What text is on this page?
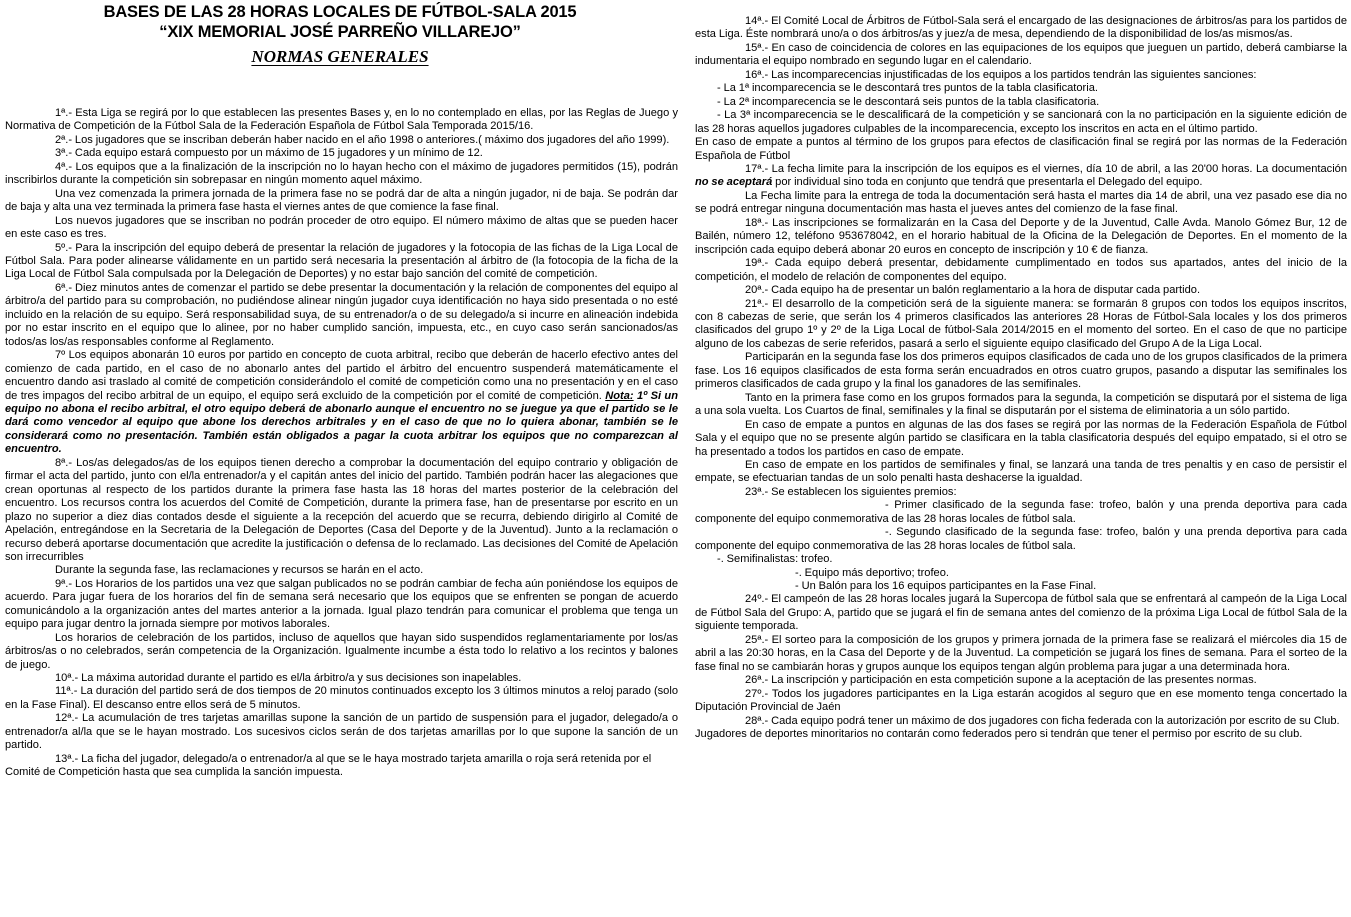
BASES DE LAS 28 HORAS LOCALES DE FÚTBOL-SALA 2015
“XIX MEMORIAL JOSÉ PARREÑO VILLAREJO”
NORMAS GENERALES

1ª.- Esta Liga se regirá por lo que establecen las presentes Bases y, en lo no contemplado en ellas, por las Reglas de Juego y Normativa de Competición de la Fútbol Sala de la Federación Española de Fútbol Sala Temporada 2015/16.

2ª.- Los jugadores que se inscriban deberán haber nacido en el año 1998 o anteriores.( máximo dos jugadores del año 1999).

3ª.- Cada equipo estará compuesto por un máximo de 15 jugadores y un mínimo de 12.

4ª.- Los equipos que a la finalización de la inscripción no lo hayan hecho con el máximo de jugadores permitidos (15), podrán inscribirlos durante la competición sin sobrepasar en ningún momento aquel máximo.

Una vez comenzada la primera jornada de la primera fase no se podrá dar de alta a ningún jugador, ni de baja. Se podrán dar de baja y alta una vez terminada la primera fase hasta el viernes antes de que comience la fase final.

Los nuevos jugadores que se inscriban no podrán proceder de otro equipo. El número máximo de altas que se pueden hacer en este caso es tres.

5º.- Para la inscripción del equipo deberá de presentar la relación de jugadores y la fotocopia de las fichas de la Liga Local de Fútbol Sala. Para poder alinearse válidamente en un partido será necesaria la presentación al árbitro de (la fotocopia de la ficha de la Liga Local de Fútbol Sala compulsada por la Delegación de Deportes) y no estar bajo sanción del comité de competición.

6ª.- Diez minutos antes de comenzar el partido se debe presentar la documentación y la relación de componentes del equipo al árbitro/a del partido para su comprobación, no pudiéndose alinear ningún jugador cuya identificación no haya sido presentada o no esté incluido en la relación de su equipo. Será responsabilidad suya, de su entrenador/a o de su delegado/a si incurre en alineación indebida por no estar inscrito en el equipo que lo alinee, por no haber cumplido sanción, impuesta, etc., en cuyo caso serán sancionados/as todos/as los/as responsables conforme al Reglamento.

7º Los equipos abonarán 10 euros por partido en concepto de cuota arbitral, recibo que deberán de hacerlo efectivo antes del comienzo de cada partido, en el caso de no abonarlo antes del partido el árbitro del encuentro suspenderá matemáticamente el encuentro dando asi traslado al comité de competición considerándolo el comité de competición como una no presentación y en el caso de tres impagos del recibo arbitral de un equipo, el equipo será excluido de la competición por el comité de competición. Nota: 1º Si un equipo no abona el recibo arbitral, el otro equipo deberá de abonarlo aunque el encuentro no se juegue ya que el partido se le dará como vencedor al equipo que abone los derechos arbitrales y en el caso de que no lo quiera abonar, también se le considerará como no presentación. También están obligados a pagar la cuota arbitrar los equipos que no comparezcan al encuentro.

8ª.- Los/as delegados/as de los equipos tienen derecho a comprobar la documentación del equipo contrario y obligación de firmar el acta del partido, junto con el/la entrenador/a y el capitán antes del inicio del partido. También podrán hacer las alegaciones que crean oportunas al respecto de los partidos durante la primera fase hasta las 18 horas del martes posterior de la celebración del encuentro. Los recursos contra los acuerdos del Comité de Competición, durante la primera fase, han de presentarse por escrito en un plazo no superior a diez dias contados desde el siguiente a la recepción del acuerdo que se recurra, debiendo dirigirlo al Comité de Apelación, entregándose en la Secretaria de la Delegación de Deportes (Casa del Deporte y de la Juventud). Junto a la reclamación o recurso deberá aportarse documentación que acredite la justificación o defensa de lo reclamado. Las decisiones del Comité de Apelación son irrecurribles

Durante la segunda fase, las reclamaciones y recursos se harán en el acto.

9ª.- Los Horarios de los partidos una vez que salgan publicados no se podrán cambiar de fecha aún poniéndose los equipos de acuerdo. Para jugar fuera de los horarios del fin de semana será necesario que los equipos que se enfrenten se pongan de acuerdo comunicándolo a la organización antes del martes anterior a la jornada. Igual plazo tendrán para comunicar el problema que tenga un equipo para jugar dentro la jornada siempre por motivos laborales.

Los horarios de celebración de los partidos, incluso de aquellos que hayan sido suspendidos reglamentariamente por los/as árbitros/as o no celebrados, serán competencia de la Organización. Igualmente incumbe a ésta todo lo relativo a los recintos y balones de juego.

10ª.- La máxima autoridad durante el partido es el/la árbitro/a y sus decisiones son inapelables.

11ª.- La duración del partido será de dos tiempos de 20 minutos continuados excepto los 3 últimos minutos a reloj parado (solo en la Fase Final). El descanso entre ellos será de 5 minutos.

12ª.- La acumulación de tres tarjetas amarillas supone la sanción de un partido de suspensión para el jugador, delegado/a o entrenador/a al/la que se le hayan mostrado. Los sucesivos ciclos serán de dos tarjetas amarillas por lo que supone la sanción de un partido.

13ª.- La ficha del jugador, delegado/a o entrenador/a al que se le haya mostrado tarjeta amarilla o roja será retenida por el Comité de Competición hasta que sea cumplida la sanción impuesta.

14ª.- El Comité Local de Árbitros de Fútbol-Sala será el encargado de las designaciones de árbitros/as para los partidos de esta Liga. Éste nombrará uno/a o dos árbitros/as y juez/a de mesa, dependiendo de la disponibilidad de los/as mismos/as.

15ª.- En caso de coincidencia de colores en las equipaciones de los equipos que jueguen un partido, deberá cambiarse la indumentaria el equipo nombrado en segundo lugar en el calendario.

16ª.- Las incomparecencias injustificadas de los equipos a los partidos tendrán las siguientes sanciones:

- La 1ª incomparecencia se le descontará tres puntos de la tabla clasificatoria.

- La 2ª incomparecencia se le descontará seis puntos de la tabla clasificatoria.

- La 3ª incomparecencia se le descalificará de la competición y se sancionará con la no participación en la siguiente edición de las 28 horas aquellos jugadores culpables de la incomparecencia, excepto los inscritos en acta en el último partido.

En caso de empate a puntos al término de los grupos para efectos de clasificación final se regirá por las normas de la Federación Española de Fútbol

17ª.- La fecha limite para la inscripción de los equipos es el viernes, día 10 de abril, a las 20'00 horas. La documentación no se aceptará por individual sino toda en conjunto que tendrá que presentarla el Delegado del equipo.

La Fecha limite para la entrega de toda la documentación será hasta el martes dia 14 de abril, una vez pasado ese dia no se podrá entregar ninguna documentación mas hasta el jueves antes del comienzo de la fase final.

18ª.- Las inscripciones se formalizarán en la Casa del Deporte y de la Juventud, Calle Avda. Manolo Gómez Bur, 12 de Bailén, número 12, teléfono 953678042, en el horario habitual de la Oficina de la Delegación de Deportes. En el momento de la inscripción cada equipo deberá abonar 20 euros en concepto de inscripción y 10 € de fianza.

19ª.- Cada equipo deberá presentar, debidamente cumplimentado en todos sus apartados, antes del inicio de la competición, el modelo de relación de componentes del equipo.

20ª.- Cada equipo ha de presentar un balón reglamentario a la hora de disputar cada partido.

21ª.- El desarrollo de la competición será de la siguiente manera: se formarán 8 grupos con todos los equipos inscritos, con 8 cabezas de serie, que serán los 4 primeros clasificados las anteriores 28 Horas de Fútbol-Sala locales y los dos primeros clasificados del grupo 1º y 2º de la Liga Local de fútbol-Sala 2014/2015 en el momento del sorteo. En el caso de que no participe alguno de los cabezas de serie referidos, pasará a serlo el siguiente equipo clasificado del Grupo A de la Liga Local.

Participarán en la segunda fase los dos primeros equipos clasificados de cada uno de los grupos clasificados de la primera fase. Los 16 equipos clasificados de esta forma serán encuadrados en otros cuatro grupos, pasando a disputar las semifinales los primeros clasificados de cada grupo y la final los ganadores de las semifinales.

Tanto en la primera fase como en los grupos formados para la segunda, la competición se disputará por el sistema de liga a una sola vuelta. Los Cuartos de final, semifinales y la final se disputarán por el sistema de eliminatoria a un sólo partido.

En caso de empate a puntos en algunas de las dos fases se regirá por las normas de la Federación Española de Fútbol Sala y el equipo que no se presente algún partido se clasificara en la tabla clasificatoria después del equipo empatado, si el otro se ha presentado a todos los partidos en caso de empate.

En caso de empate en los partidos de semifinales y final, se lanzará una tanda de tres penaltis y en caso de persistir el empate, se efectuarian tandas de un solo penalti hasta deshacerse la igualdad.

23ª.- Se establecen los siguientes premios:

- Primer clasificado de la segunda fase: trofeo, balón y una prenda deportiva para cada componente del equipo conmemorativa de las 28 horas locales de fútbol sala.

-. Segundo clasificado de la segunda fase: trofeo, balón y una prenda deportiva para cada componente del equipo conmemorativa de las 28 horas locales de fútbol sala.

-. Semifinalistas: trofeo.

-. Equipo más deportivo; trofeo.

- Un Balón para los 16 equipos participantes en la Fase Final.

24º.- El campeón de las 28 horas locales jugará la Supercopa de fútbol sala que se enfrentará al campeón de la Liga Local de Fútbol Sala del Grupo: A, partido que se jugará el fin de semana antes del comienzo de la próxima Liga Local de fútbol Sala de la siguiente temporada.

25ª.- El sorteo para la composición de los grupos y primera jornada de la primera fase se realizará el miércoles dia 15 de abril a las 20:30 horas, en la Casa del Deporte y de la Juventud. La competición se jugará los fines de semana. Para el sorteo de la fase final no se cambiarán horas y grupos aunque los equipos tengan algún problema para jugar a una determinada hora.

26ª.- La inscripción y participación en esta competición supone a la aceptación de las presentes normas.

27º.- Todos los jugadores participantes en la Liga estarán acogidos al seguro que en ese momento tenga concertado la Diputación Provincial de Jaén

28ª.- Cada equipo podrá tener un máximo de dos jugadores con ficha federada con la autorización por escrito de su Club. Jugadores de deportes minoritarios no contarán como federados pero si tendrán que tener el permiso por escrito de su club.
